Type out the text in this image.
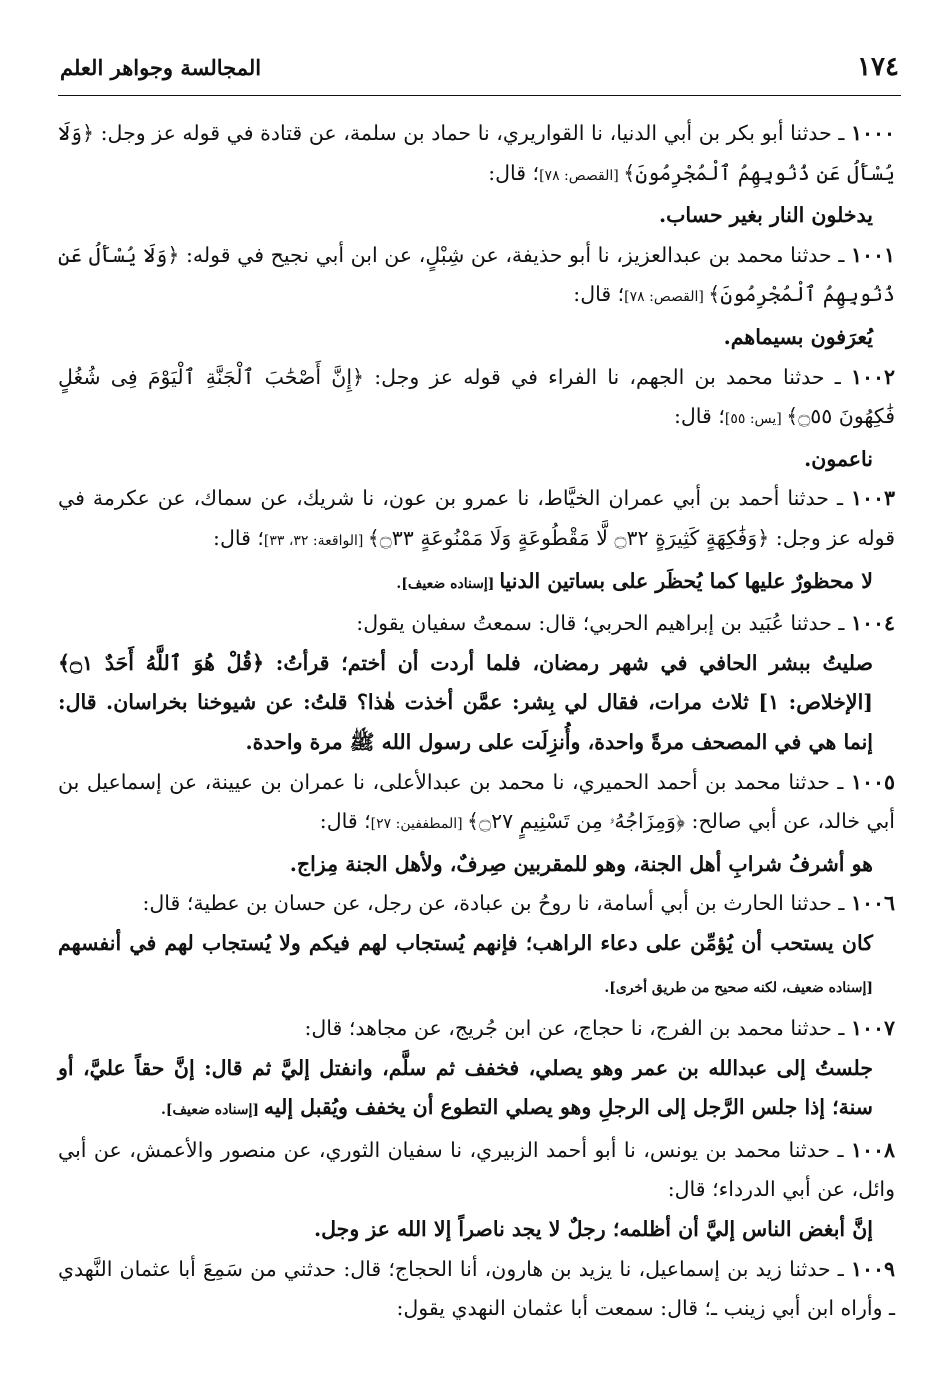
١٧٤
المجالسة وجواهر العلم

١٠٠٠ ـ حدثنا أبو بكر بن أبي الدنيا، نا القواريري، نا حماد بن سلمة، عن قتادة في قوله عز وجل: ﴿وَلَا يُسْأَلُ عَن ذُنُوبِهِمُ ٱلْمُجْرِمُونَ﴾ [القصص: ٧٨]؛ قال:

يدخلون النار بغير حساب.

١٠٠١ ـ حدثنا محمد بن عبدالعزيز، نا أبو حذيفة، عن شِبْلٍ، عن ابن أبي نجيح في قوله: ﴿وَلَا يُسْأَلُ عَن ذُنُوبِهِمُ ٱلْمُجْرِمُونَ﴾ [القصص: ٧٨]؛ قال:

يُعرَفون بسيماهم.

١٠٠٢ ـ حدثنا محمد بن الجهم، نا الفراء في قوله عز وجل: ﴿إِنَّ أَصْحَٰبَ ٱلْجَنَّةِ ٱلْيَوْمَ فِى شُغُلٍ فَٰكِهُونَ ۝٥٥﴾ [يس: ٥٥]؛ قال:

ناعمون.

١٠٠٣ ـ حدثنا أحمد بن أبي عمران الخيَّاط، نا عمرو بن عون، نا شريك، عن سماك، عن عكرمة في قوله عز وجل: ﴿وَفَٰكِهَةٍ كَثِيرَةٍ ۝٣٢ لَّا مَقْطُوعَةٍ وَلَا مَمْنُوعَةٍ ۝٣٣﴾ [الواقعة: ٣٢، ٣٣]؛ قال:

لا محظورٌ عليها كما يُحظَر على بساتين الدنيا [إسناده ضعيف].

١٠٠٤ ـ حدثنا عُبَيد بن إبراهيم الحربي؛ قال: سمعتُ سفيان يقول:

صليتُ ببشر الحافي في شهر رمضان، فلما أردت أن أختم؛ قرأتُ: ﴿قُلْ هُوَ ٱللَّهُ أَحَدٌ ۝١﴾ [الإخلاص: ١] ثلاث مرات، فقال لي بِشر: عمَّن أخذت هٰذا؟ قلتُ: عن شيوخنا بخراسان. قال: إنما هي في المصحف مرةً واحدة، وأُنزِلَت على رسول الله ﷺ مرة واحدة.

١٠٠٥ ـ حدثنا محمد بن أحمد الحميري، نا محمد بن عبدالأعلى، نا عمران بن عيينة، عن إسماعيل بن أبي خالد، عن أبي صالح: ﴿وَمِزَاجُهُۥ مِن تَسْنِيمٍ ۝٢٧﴾ [المطففين: ٢٧]؛ قال:

هو أشرفُ شرابِ أهل الجنة، وهو للمقربين صِرفٌ، ولأهل الجنة مِزاج.

١٠٠٦ ـ حدثنا الحارث بن أبي أسامة، نا روحُ بن عبادة، عن رجل، عن حسان بن عطية؛ قال:

كان يستحب أن يُؤمِّن على دعاء الراهب؛ فإنهم يُستجاب لهم فيكم ولا يُستجاب لهم في أنفسهم [إسناده ضعيف، لكنه صحيح من طريق أخرى].

١٠٠٧ ـ حدثنا محمد بن الفرج، نا حجاج، عن ابن جُريج، عن مجاهد؛ قال:

جلستُ إلى عبدالله بن عمر وهو يصلي، فخفف ثم سلَّم، وانفتل إليَّ ثم قال: إنَّ حقاً عليَّ، أو سنة؛ إذا جلس الرَّجل إلى الرجلِ وهو يصلي التطوع أن يخفف ويُقبل إليه [إسناده ضعيف].

١٠٠٨ ـ حدثنا محمد بن يونس، نا أبو أحمد الزبيري، نا سفيان الثوري، عن منصور والأعمش، عن أبي وائل، عن أبي الدرداء؛ قال:

إنَّ أبغض الناس إليَّ أن أظلمه؛ رجلٌ لا يجد ناصراً إلا الله عز وجل.

١٠٠٩ ـ حدثنا زيد بن إسماعيل، نا يزيد بن هارون، أنا الحجاج؛ قال: حدثني من سَمِعَ أبا عثمان النَّهدي ـ وأراه ابن أبي زينب ـ؛ قال: سمعت أبا عثمان النهدي يقول:
